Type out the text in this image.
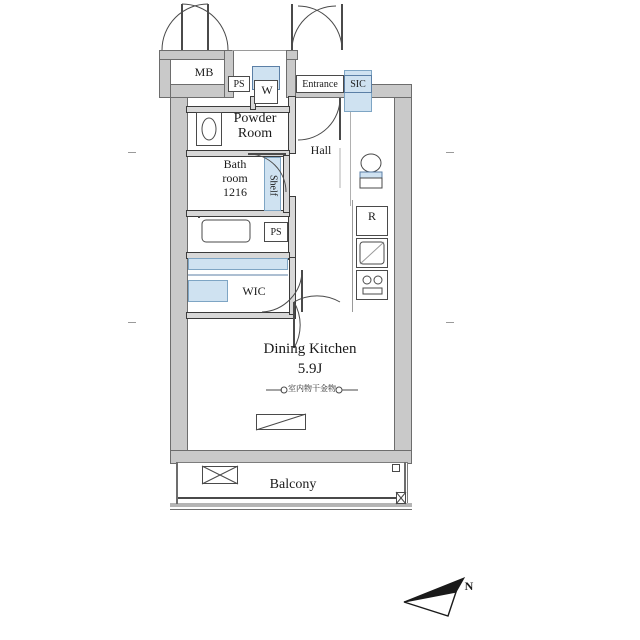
MB
PS	W	Entrance	SIC
Powder
Room
Hall
Bath
room
1216	Shelf
PS
R
WIC
Dining Kitchen
5.9J
室内物干金物
Balcony
N
